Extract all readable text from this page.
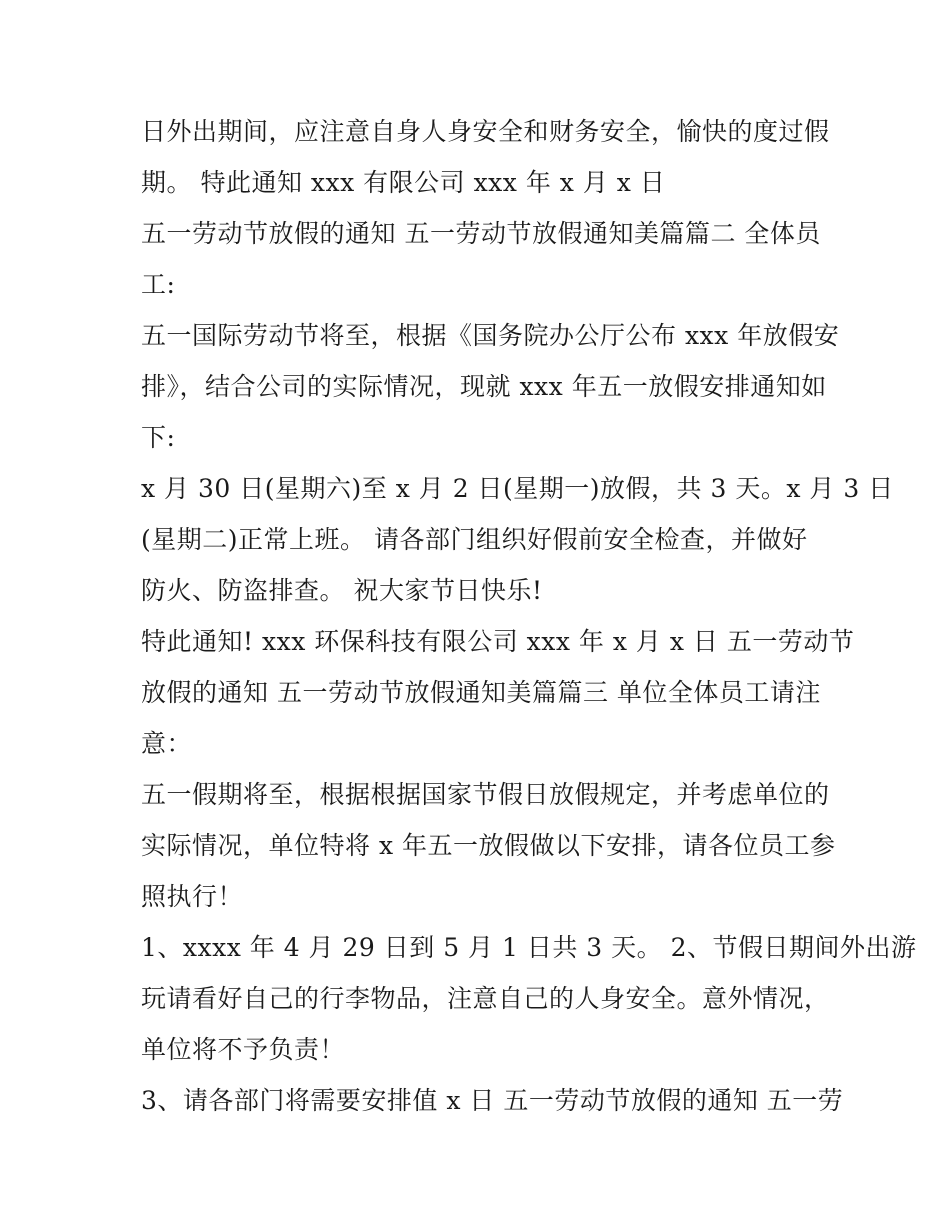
日外出期间，应注意自身人身安全和财务安全，愉快的度过假
期。 特此通知 xxx 有限公司 xxx 年 x 月 x 日
五一劳动节放假的通知 五一劳动节放假通知美篇篇二 全体员
工:
五一国际劳动节将至，根据《国务院办公厅公布 xxx 年放假安
排》，结合公司的实际情况，现就 xxx 年五一放假安排通知如
下:
x 月 30 日(星期六)至 x 月 2 日(星期一)放假，共 3 天。x 月 3 日
(星期二)正常上班。 请各部门组织好假前安全检查，并做好
防火、防盗排查。 祝大家节日快乐!
特此通知! xxx 环保科技有限公司 xxx 年 x 月 x 日 五一劳动节
放假的通知 五一劳动节放假通知美篇篇三 单位全体员工请注
意：
五一假期将至，根据根据国家节假日放假规定，并考虑单位的
实际情况，单位特将 x 年五一放假做以下安排，请各位员工参
照执行！
1、xxxx 年 4 月 29 日到 5 月 1 日共 3 天。 2、节假日期间外出游
玩请看好自己的行李物品，注意自己的人身安全。意外情况，
单位将不予负责！
3、请各部门将需要安排值 x 日 五一劳动节放假的通知 五一劳
